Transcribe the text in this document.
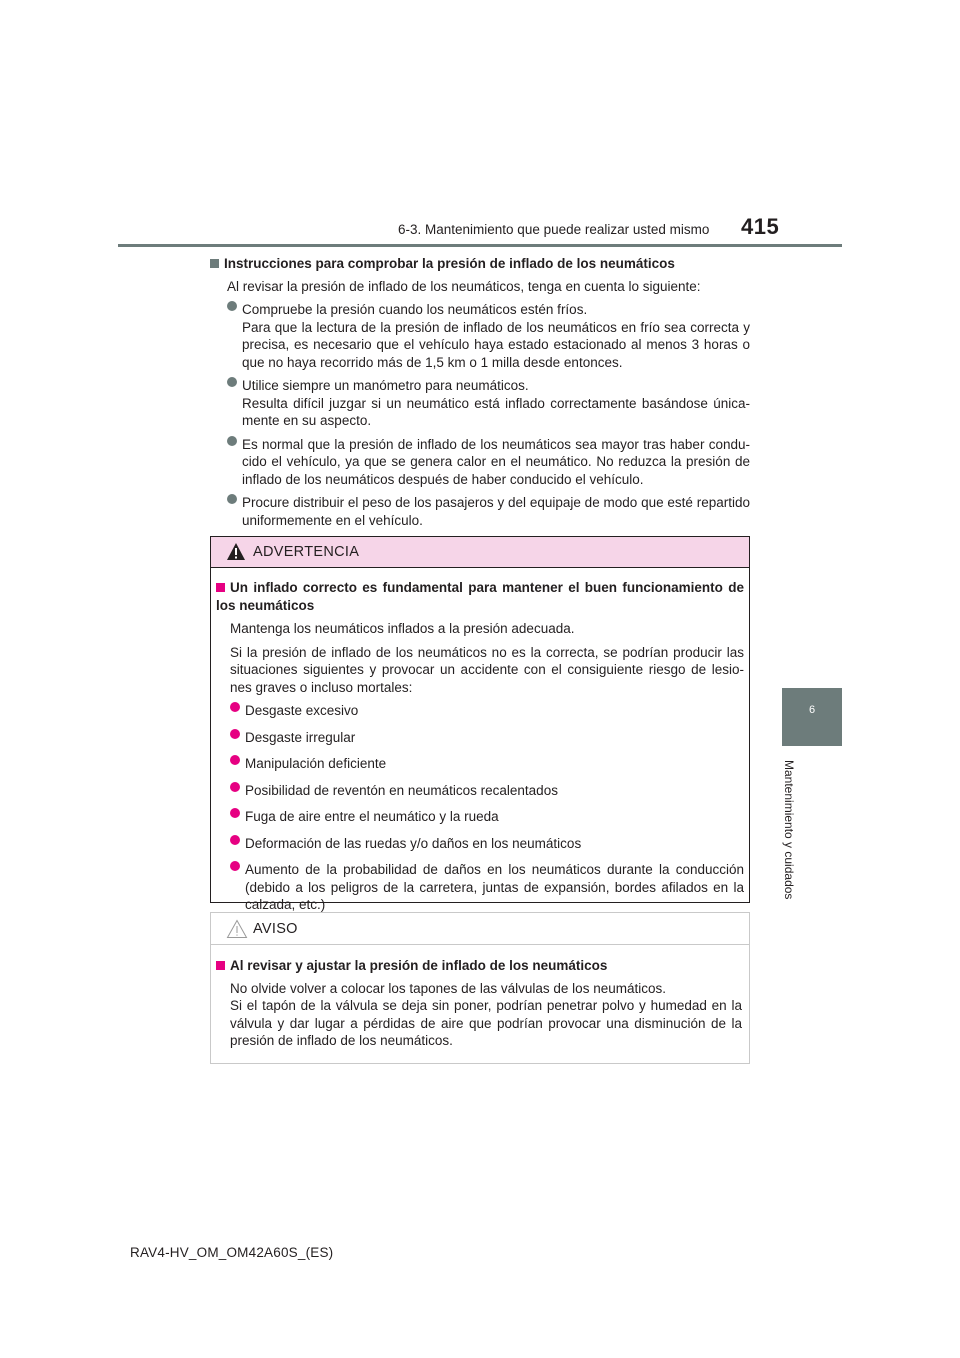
6-3. Mantenimiento que puede realizar usted mismo 415
6
Mantenimiento y cuidados

Instrucciones para comprobar la presión de inflado de los neumáticos

Al revisar la presión de inflado de los neumáticos, tenga en cuenta lo siguiente:

Compruebe la presión cuando los neumáticos estén fríos.
Para que la lectura de la presión de inflado de los neumáticos en frío sea correcta y precisa, es necesario que el vehículo haya estado estacionado al menos 3 horas o que no haya recorrido más de 1,5 km o 1 milla desde entonces.
Utilice siempre un manómetro para neumáticos.
Resulta difícil juzgar si un neumático está inflado correctamente basándose única-mente en su aspecto.
Es normal que la presión de inflado de los neumáticos sea mayor tras haber condu-cido el vehículo, ya que se genera calor en el neumático. No reduzca la presión de inflado de los neumáticos después de haber conducido el vehículo.
Procure distribuir el peso de los pasajeros y del equipaje de modo que esté repartido uniformemente en el vehículo.
ADVERTENCIA

Un inflado correcto es fundamental para mantener el buen funcionamiento de los neumáticos

Mantenga los neumáticos inflados a la presión adecuada.

Si la presión de inflado de los neumáticos no es la correcta, se podrían producir las situaciones siguientes y provocar un accidente con el consiguiente riesgo de lesio-nes graves o incluso mortales:

Desgaste excesivo
Desgaste irregular
Manipulación deficiente
Posibilidad de reventón en neumáticos recalentados
Fuga de aire entre el neumático y la rueda
Deformación de las ruedas y/o daños en los neumáticos
Aumento de la probabilidad de daños en los neumáticos durante la conducción (debido a los peligros de la carretera, juntas de expansión, bordes afilados en la calzada, etc.)
AVISO

Al revisar y ajustar la presión de inflado de los neumáticos

No olvide volver a colocar los tapones de las válvulas de los neumáticos.
Si el tapón de la válvula se deja sin poner, podrían penetrar polvo y humedad en la válvula y dar lugar a pérdidas de aire que podrían provocar una disminución de la presión de inflado de los neumáticos.

RAV4-HV_OM_OM42A60S_(ES)
